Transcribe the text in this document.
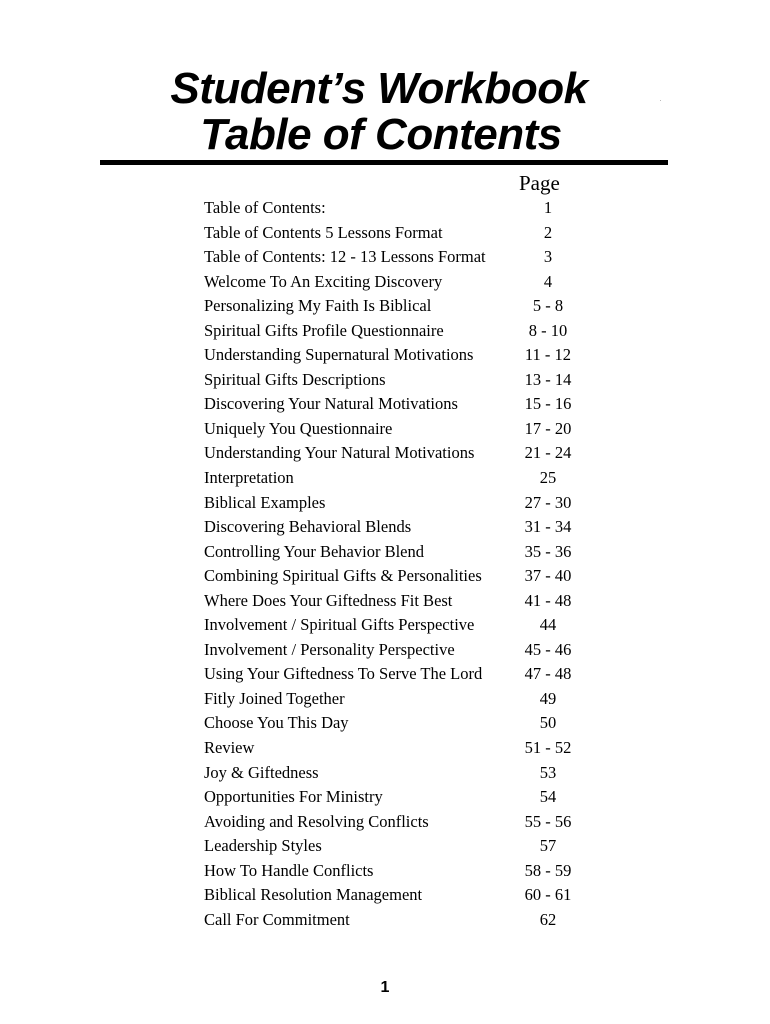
Student’s Workbook
Table of Contents
Page
Table of Contents:	1
Table of Contents 5 Lessons Format	2
Table of Contents: 12 - 13 Lessons Format	3
Welcome To An Exciting Discovery	4
Personalizing My Faith Is Biblical	5 - 8
Spiritual Gifts Profile Questionnaire	8 - 10
Understanding Supernatural Motivations	11 - 12
Spiritual Gifts Descriptions	13 - 14
Discovering Your Natural Motivations	15 - 16
Uniquely You Questionnaire	17 - 20
Understanding Your Natural Motivations	21 - 24
Interpretation	25
Biblical Examples	27 - 30
Discovering Behavioral Blends	31 - 34
Controlling Your Behavior Blend	35 - 36
Combining Spiritual Gifts & Personalities	37 - 40
Where Does Your Giftedness Fit Best	41 - 48
Involvement / Spiritual Gifts Perspective	44
Involvement / Personality Perspective	45 - 46
Using Your Giftedness To Serve The Lord	47 - 48
Fitly Joined Together	49
Choose You This Day	50
Review	51 - 52
Joy & Giftedness	53
Opportunities For Ministry	54
Avoiding and Resolving Conflicts	55 - 56
Leadership Styles	57
How To Handle Conflicts	58 - 59
Biblical Resolution Management	60 - 61
Call For Commitment	62
1
